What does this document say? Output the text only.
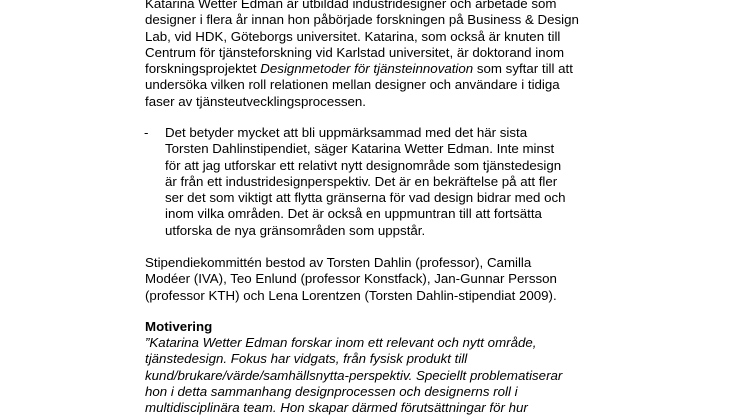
Katarina Wetter Edman är utbildad industridesigner och arbetade som
designer i flera år innan hon påbörjade forskningen på Business & Design
Lab, vid HDK, Göteborgs universitet. Katarina, som också är knuten till
Centrum för tjänsteforskning vid Karlstad universitet, är doktorand inom
forskningsprojektet Designmetoder för tjänsteinnovation som syftar till att
undersöka vilken roll relationen mellan designer och användare i tidiga
faser av tjänsteutvecklingsprocessen.

- Det betyder mycket att bli uppmärksammad med det här sista
Torsten Dahlinstipendiet, säger Katarina Wetter Edman. Inte minst
för att jag utforskar ett relativt nytt designområde som tjänstedesign
är från ett industridesignperspektiv. Det är en bekräftelse på att fler
ser det som viktigt att flytta gränserna för vad design bidrar med och
inom vilka områden. Det är också en uppmuntran till att fortsätta
utforska de nya gränsområden som uppstår.

Stipendiekommittén bestod av Torsten Dahlin (professor), Camilla
Modéer (IVA), Teo Enlund (professor Konstfack), Jan-Gunnar Persson
(professor KTH) och Lena Lorentzen (Torsten Dahlin-stipendiat 2009).

Motivering

”Katarina Wetter Edman forskar inom ett relevant och nytt område,
tjänstedesign. Fokus har vidgats, från fysisk produkt till
kund/brukare/värde/samhällsnytta-perspektiv. Speciellt problematiserar
hon i detta sammanhang designprocessen och designerns roll i
multidisciplinära team. Hon skapar därmed förutsättningar för hur
